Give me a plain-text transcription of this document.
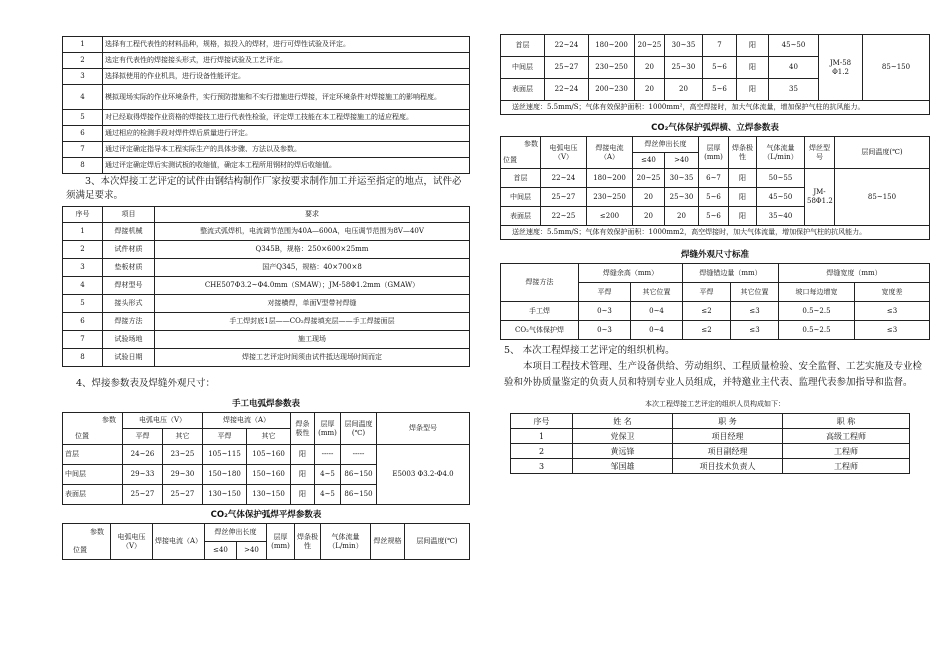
1	选择有工程代表性的材料品种，规格，拟投入的焊材，进行可焊性试验及评定。
2	选定有代表性的焊接接头形式，进行焊接试验及工艺评定。
3	选择拟使用的作业机具，进行设备性能评定。
4	模拟现场实际的作业环境条件，实行预防措施和不实行措施进行焊接，评定环境条件对焊接施工的影响程度。
5	对已经取得焊接作业资格的焊接技工进行代表性检验，评定焊工技能在本工程焊接施工的适应程度。
6	通过相应的检测手段对焊件焊后质量进行评定。
7	通过评定确定指导本工程实际生产的具体步骤、方法以及参数。
8	通过评定确定焊后实测试板的收缩值，确定本工程所用钢材的焊后收缩值。

3、本次焊接工艺评定的试件由钢结构制作厂家按要求制作加工并运至指定的地点，试件必须满足要求。

序号	项目	要求
1	焊接机械	整流式弧焊机，电流调节范围为40A—600A，电压调节范围为8V—40V
2	试件材质	Q345B，规格：250×600×25mm
3	垫板材质	国产Q345，规格：40×700×8
4	焊材型号	CHE507Φ3.2~Φ4.0mm（SMAW）；JM-58Φ1.2mm（GMAW）
5	接头形式	对接横焊，单面V型带衬焊缝
6	焊接方法	手工焊封底1层——CO₂焊接填充层——手工焊接面层
7	试验场地	施工现场
8	试验日期	焊接工艺评定时间须由试件抵达现场时间而定

4、焊接参数表及焊缝外观尺寸：

手工电弧焊参数表

参数	电弧电压（V）		焊接电流（A）		焊条极性	层厚(mm)	层间温度(℃)	焊条型号
位置	平焊	其它	平焊	其它				
首层	24~26	23~25	105~115	105~160	阳	-----	-----	E5003 Φ3.2-Φ4.0
中间层	29~33	29~30	150~180	150~160	阳	4~5	86~150	
表面层	25~27	25~27	130~150	130~150	阳	4~5	86~150	

CO₂气体保护弧焊平焊参数表

参数	电弧电压（V）	焊接电流（A）	焊丝伸出长度		层厚(mm)	焊条极性	气体流量（L/min）	焊丝规格	层间温度(℃)
位置			≤40	>40					
首层	22~24	180~200	20~25	30~35	7	阳	45~50	JM-58 Φ1.2	85~150
中间层	25~27	230~250	20	25~30	5~6	阳	40		
表面层	22~24	200~230	20	20	5~6	阳	35		
送丝速度：5.5mm/S；气体有效保护面积：1000mm²，高空焊接时，加大气体流量，增加保护气柱的抗风能力。									

CO₂气体保护弧焊横、立焊参数表

参数	电弧电压（V）	焊接电流（A）	焊丝伸出长度		层厚(mm)	焊条极性	气体流量（L/min）	焊丝型号	层间温度(℃)
位置			≤40	>40					
首层	22~24	180~200	20~25	30~35	6~7	阳	50~55	JM-58Φ1.2	85~150
中间层	25~27	230~250	20	25~30	5~6	阳	45~50		
表面层	22~25	≤200	20	20	5~6	阳	35~40		
送丝速度：5.5mm/S；气体有效保护面积：1000mm2，高空焊接时，加大气体流量，增加保护气柱的抗风能力。									

焊缝外观尺寸标准

焊接方法	焊缝余高（mm）		焊缝错边量（mm）		焊缝宽度（mm）	
	平焊	其它位置	平焊	其它位置	坡口每边增宽	宽度差
手工焊	0~3	0~4	≤2	≤3	0.5~2.5	≤3
CO₂气体保护焊	0~3	0~4	≤2	≤3	0.5~2.5	≤3

5、 本次工程焊接工艺评定的组织机构。

本项目工程技术管理、生产设备供给、劳动组织、工程质量检验、安全监督、工艺实施及专业检验和外协质量鉴定的负责人员和特别专业人员组成，并特邀业主代表、监理代表参加指导和监督。

本次工程焊接工艺评定的组织人员构成如下：

序号	姓 名	职 务	职 称
1	党保卫	项目经理	高级工程师
2	黄远锋	项目副经理	工程师
3	邹国雄	项目技术负责人	工程师
